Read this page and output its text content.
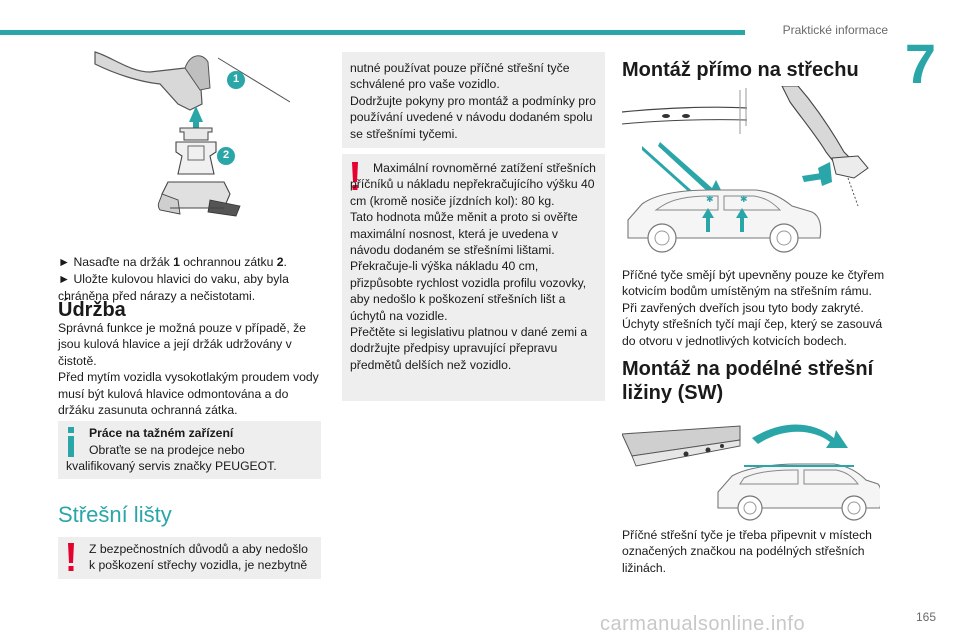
Praktické informace
7
1
2

► Nasaďte na držák 1 ochrannou zátku 2.

► Uložte kulovou hlavici do vaku, aby byla chráněna před nárazy a nečistotami.

Údržba
Správná funkce je možná pouze v případě, že jsou kulová hlavice a její držák udržovány v čistotě.
Před mytím vozidla vysokotlakým proudem vody musí být kulová hlavice odmontována a do držáku zasunuta ochranná zátka.
Práce na tažném zařízení
Obraťte se na prodejce nebo kvalifikovaný servis značky PEUGEOT.
Střešní lišty
Z bezpečnostních důvodů a aby nedošlo k poškození střechy vozidla, je nezbytně
nutné používat pouze příčné střešní tyče schválené pro vaše vozidlo.
Dodržujte pokyny pro montáž a podmínky pro používání uvedené v návodu dodaném spolu se střešními tyčemi.
Maximální rovnoměrné zatížení střešních příčníků u nákladu nepřekračujícího výšku 40 cm (kromě nosiče jízdních kol): 80 kg.
Tato hodnota může měnit a proto si ověřte maximální nosnost, která je uvedena v návodu dodaném se střešními lištami.
Překračuje-li výška nákladu 40 cm, přizpůsobte rychlost vozidla profilu vozovky, aby nedošlo k poškození střešních lišt a úchytů na vozidle.
Přečtěte si legislativu platnou v dané zemi a dodržujte předpisy upravující přepravu předmětů delších než vozidlo.
Montáž přímo na střechu
✱	✱
Příčné tyče smějí být upevněny pouze ke čtyřem kotvicím bodům umístěným na střešním rámu. Při zavřených dveřích jsou tyto body zakryté. Úchyty střešních tyčí mají čep, který se zasouvá do otvoru v jednotlivých kotvicích bodech.
Montáž na podélné střešní ližiny (SW)
Příčné střešní tyče je třeba připevnit v místech označených značkou na podélných střešních ližinách.
165
carmanualsonline.info
